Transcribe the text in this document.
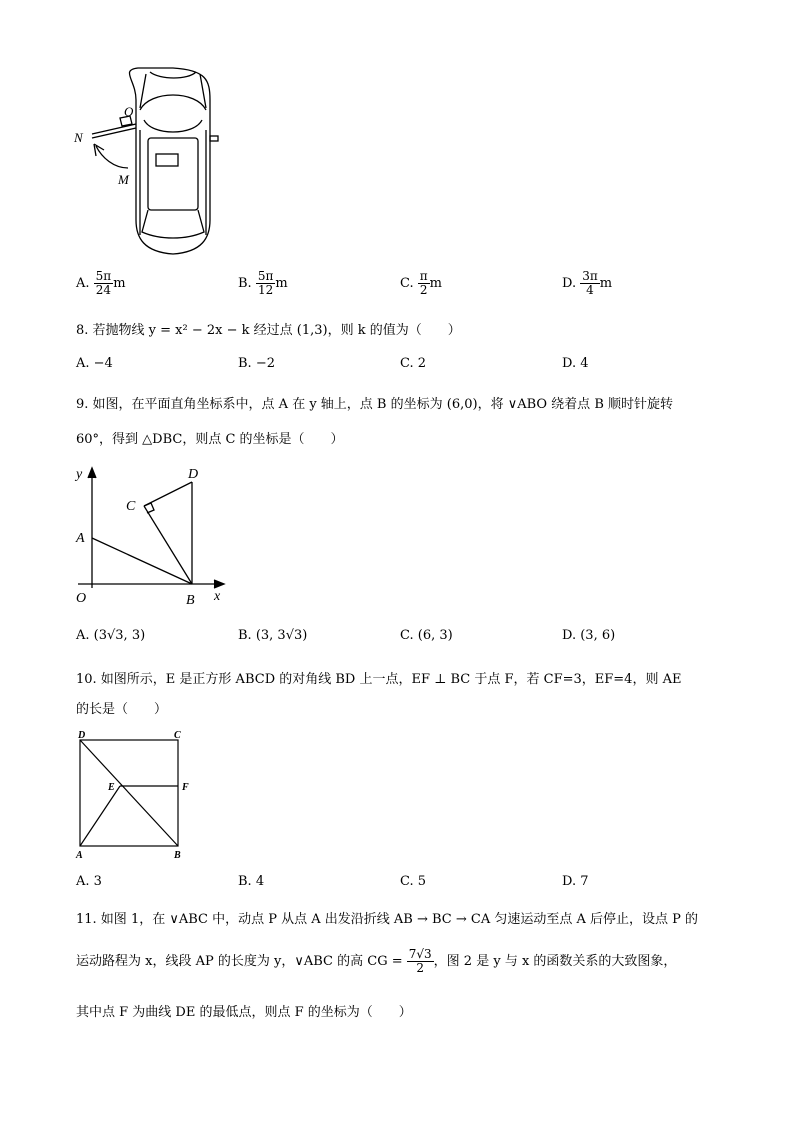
O
N
M
A. $\frac{5\pi}{24}$ m	B. $\frac{5\pi}{12}$ m	C. $\frac{\pi}{2}$ m	D. $\frac{3\pi}{4}$ m
8. 若抛物线 y = x² − 2x − k 经过点 (1,3)，则 k 的值为（　　）
A. −4	B. −2	C. 2	D. 4
9. 如图，在平面直角坐标系中，点 A 在 y 轴上，点 B 的坐标为 (6,0)，将 ∨ABO 绕着点 B 顺时针旋转
60°，得到 △DBC，则点 C 的坐标是（　　）
y
x
O
A
B
C
D
A. (3√3, 3)	B. (3, 3√3)	C. (6, 3)	D. (3, 6)
10. 如图所示，E 是正方形 ABCD 的对角线 BD 上一点，EF ⊥ BC 于点 F，若 CF=3，EF=4，则 AE
的长是（　　）
D	C
E	F
A	B
A. 3	B. 4	C. 5	D. 7
11. 如图 1，在 ∨ABC 中，动点 P 从点 A 出发沿折线 AB → BC → CA 匀速运动至点 A 后停止，设点 P 的
运动路程为 x，线段 AP 的长度为 y，∨ABC 的高 CG = $\frac{7√3}{2}$ ，图 2 是 y 与 x 的函数关系的大致图象，
其中点 F 为曲线 DE 的最低点，则点 F 的坐标为（　　）
